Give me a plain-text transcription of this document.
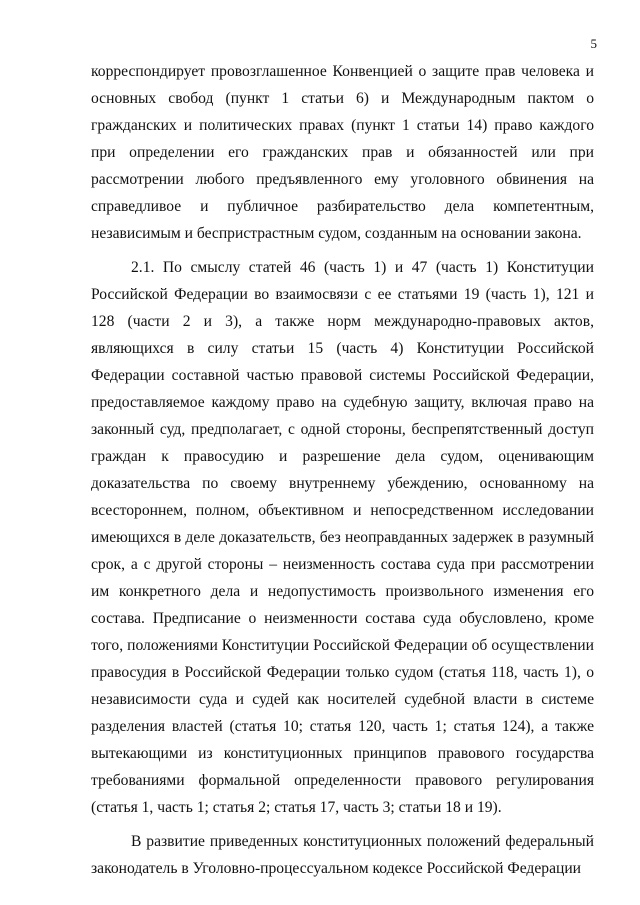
5

корреспондирует провозглашенное Конвенцией о защите прав человека и основных свобод (пункт 1 статьи 6) и Международным пактом о гражданских и политических правах (пункт 1 статьи 14) право каждого при определении его гражданских прав и обязанностей или при рассмотрении любого предъявленного ему уголовного обвинения на справедливое и публичное разбирательство дела компетентным, независимым и беспристрастным судом, созданным на основании закона.

2.1. По смыслу статей 46 (часть 1) и 47 (часть 1) Конституции Российской Федерации во взаимосвязи с ее статьями 19 (часть 1), 121 и 128 (части 2 и 3), а также норм международно-правовых актов, являющихся в силу статьи 15 (часть 4) Конституции Российской Федерации составной частью правовой системы Российской Федерации, предоставляемое каждому право на судебную защиту, включая право на законный суд, предполагает, с одной стороны, беспрепятственный доступ граждан к правосудию и разрешение дела судом, оценивающим доказательства по своему внутреннему убеждению, основанному на всестороннем, полном, объективном и непосредственном исследовании имеющихся в деле доказательств, без неоправданных задержек в разумный срок, а с другой стороны – неизменность состава суда при рассмотрении им конкретного дела и недопустимость произвольного изменения его состава. Предписание о неизменности состава суда обусловлено, кроме того, положениями Конституции Российской Федерации об осуществлении правосудия в Российской Федерации только судом (статья 118, часть 1), о независимости суда и судей как носителей судебной власти в системе разделения властей (статья 10; статья 120, часть 1; статья 124), а также вытекающими из конституционных принципов правового государства требованиями формальной определенности правового регулирования (статья 1, часть 1; статья 2; статья 17, часть 3; статьи 18 и 19).

В развитие приведенных конституционных положений федеральный законодатель в Уголовно-процессуальном кодексе Российской Федерации
